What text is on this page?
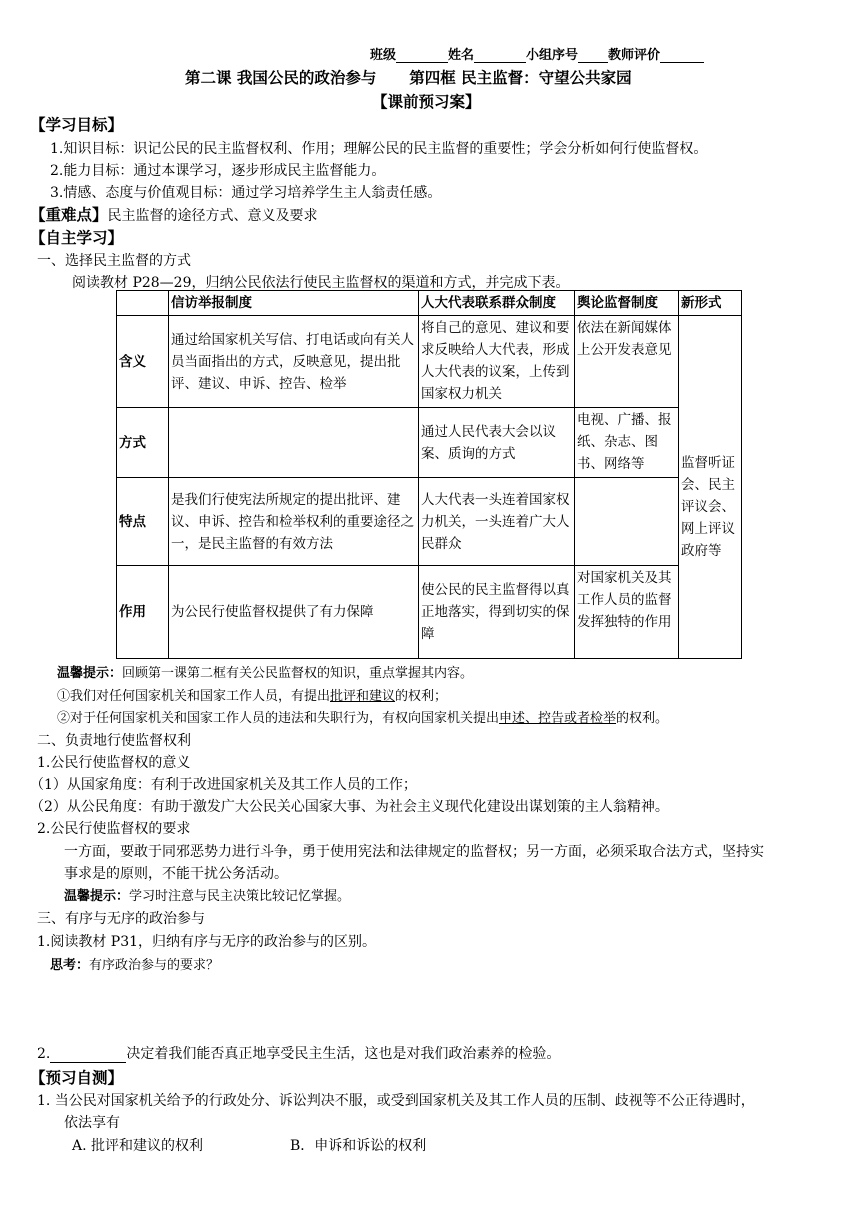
班级	姓名	小组序号 教师评价
第二课 我国公民的政治参与 第四框 民主监督：守望公共家园
【课前预习案】
【学习目标】
1.知识目标：识记公民的民主监督权利、作用；理解公民的民主监督的重要性；学会分析如何行使监督权。
2.能力目标：通过本课学习，逐步形成民主监督能力。
3.情感、态度与价值观目标：通过学习培养学生主人翁责任感。
【重难点】民主监督的途径方式、意义及要求
【自主学习】
一、选择民主监督的方式
阅读教材 P28—29，归纳公民依法行使民主监督权的渠道和方式，并完成下表。
	信访举报制度	人大代表联系群众制度	舆论监督制度	新形式
含义	通过给国家机关写信、打电话或向有关人员当面指出的方式，反映意见，提出批评、建议、申诉、控告、检举	将自己的意见、建议和要求反映给人大代表，形成人大代表的议案，上传到国家权力机关	依法在新闻媒体上公开发表意见	监督听证会、民主评议会、网上评议政府等
方式		通过人民代表大会以议案、质询的方式	电视、广播、报纸、杂志、图书、网络等	
特点	是我们行使宪法所规定的提出批评、建议、申诉、控告和检举权利的重要途径之一，是民主监督的有效方法	人大代表一头连着国家权力机关，一头连着广大人民群众		
作用	为公民行使监督权提供了有力保障	使公民的民主监督得以真正地落实，得到切实的保障	对国家机关及其工作人员的监督发挥独特的作用	
温馨提示：回顾第一课第二框有关公民监督权的知识，重点掌握其内容。
①我们对任何国家机关和国家工作人员，有提出批评和建议的权利；
②对于任何国家机关和国家工作人员的违法和失职行为，有权向国家机关提出申述、控告或者检举的权利。
二、负责地行使监督权利
1.公民行使监督权的意义
（1）从国家角度：有利于改进国家机关及其工作人员的工作；
（2）从公民角度：有助于激发广大公民关心国家大事、为社会主义现代化建设出谋划策的主人翁精神。
2.公民行使监督权的要求
一方面，要敢于同邪恶势力进行斗争，勇于使用宪法和法律规定的监督权；另一方面，必须采取合法方式，坚持实
事求是的原则，不能干扰公务活动。
温馨提示：学习时注意与民主决策比较记忆掌握。
三、有序与无序的政治参与
1.阅读教材 P31，归纳有序与无序的政治参与的区别。
思考：有序政治参与的要求？
2.	决定着我们能否真正地享受民主生活，这也是对我们政治素养的检验。
【预习自测】
1. 当公民对国家机关给予的行政处分、诉讼判决不服，或受到国家机关及其工作人员的压制、歧视等不公正待遇时，
依法享有
A. 批评和建议的权利	B．申诉和诉讼的权利
